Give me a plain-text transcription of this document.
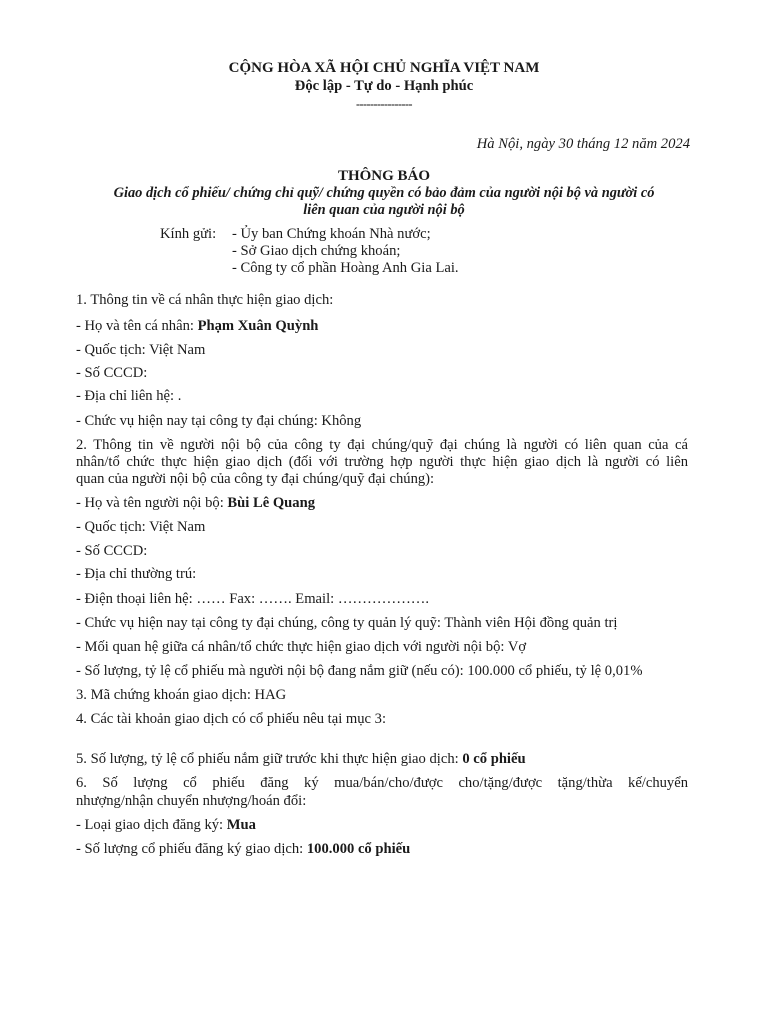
CỘNG HÒA XÃ HỘI CHỦ NGHĨA VIỆT NAM
Độc lập - Tự do - Hạnh phúc
----------------
Hà Nội, ngày 30 tháng 12 năm 2024
THÔNG BÁO
Giao dịch cổ phiếu/ chứng chỉ quỹ/ chứng quyền có bảo đảm của người nội bộ và người có
liên quan của người nội bộ
Kính gửi:	- Ủy ban Chứng khoán Nhà nước;
- Sở Giao dịch chứng khoán;
- Công ty cổ phần Hoàng Anh Gia Lai.
1. Thông tin về cá nhân thực hiện giao dịch:
- Họ và tên cá nhân: Phạm Xuân Quỳnh
- Quốc tịch: Việt Nam
- Số CCCD:
- Địa chỉ liên hệ: .
- Chức vụ hiện nay tại công ty đại chúng: Không
2. Thông tin về người nội bộ của công ty đại chúng/quỹ đại chúng là người có liên quan của cá
nhân/tổ chức thực hiện giao dịch (đối với trường hợp người thực hiện giao dịch là người có liên
quan của người nội bộ của công ty đại chúng/quỹ đại chúng):
- Họ và tên người nội bộ: Bùi Lê Quang
- Quốc tịch: Việt Nam
- Số CCCD:
- Địa chỉ thường trú:
- Điện thoại liên hệ: …… Fax: ……. Email: ……………….
- Chức vụ hiện nay tại công ty đại chúng, công ty quản lý quỹ: Thành viên Hội đồng quản trị
- Mối quan hệ giữa cá nhân/tổ chức thực hiện giao dịch với người nội bộ: Vợ
- Số lượng, tỷ lệ cổ phiếu mà người nội bộ đang nắm giữ (nếu có): 100.000 cổ phiếu, tỷ lệ 0,01%
3. Mã chứng khoán giao dịch: HAG
4. Các tài khoản giao dịch có cổ phiếu nêu tại mục 3:
5. Số lượng, tỷ lệ cổ phiếu nắm giữ trước khi thực hiện giao dịch: 0 cổ phiếu
6. Số lượng cổ phiếu đăng ký mua/bán/cho/được cho/tặng/được tặng/thừa kế/chuyển
nhượng/nhận chuyển nhượng/hoán đổi:
- Loại giao dịch đăng ký: Mua
- Số lượng cổ phiếu đăng ký giao dịch: 100.000 cổ phiếu
